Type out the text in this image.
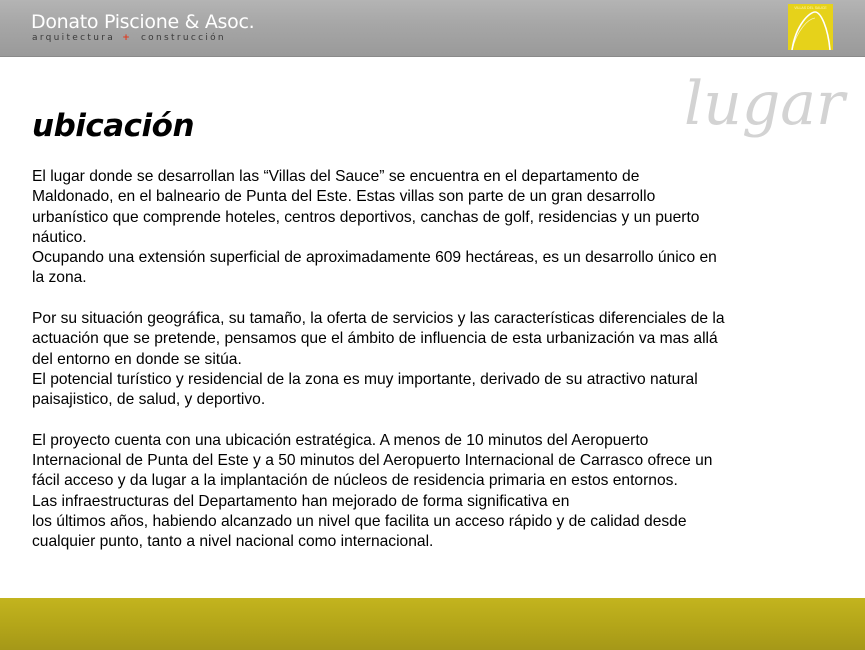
Donato Piscione & Asoc.
arquitectura + construcción
VILLAS DEL SAUCE
lugar
ubicación
El lugar donde se desarrollan las “Villas del Sauce” se encuentra en el departamento de
Maldonado, en el balneario de Punta del Este. Estas villas son parte de un gran desarrollo
urbanístico que comprende hoteles, centros deportivos, canchas de golf, residencias y un puerto
náutico.
Ocupando una extensión superficial de aproximadamente 609 hectáreas, es un desarrollo único en
la zona.
Por su situación geográfica, su tamaño, la oferta de servicios y las características diferenciales de la
actuación que se pretende, pensamos que el ámbito de influencia de esta urbanización va mas allá
del entorno en donde se sitúa.
El potencial turístico y residencial de la zona es muy importante, derivado de su atractivo natural
paisajistico, de salud, y deportivo.
El proyecto cuenta con una ubicación estratégica. A menos de 10 minutos del Aeropuerto
Internacional de Punta del Este y a 50 minutos del Aeropuerto Internacional de Carrasco ofrece un
fácil acceso y da lugar a la implantación de núcleos de residencia primaria en estos entornos.
Las infraestructuras del Departamento han mejorado de forma significativa en
los últimos años, habiendo alcanzado un nivel que facilita un acceso rápido y de calidad desde
cualquier punto, tanto a nivel nacional como internacional.
